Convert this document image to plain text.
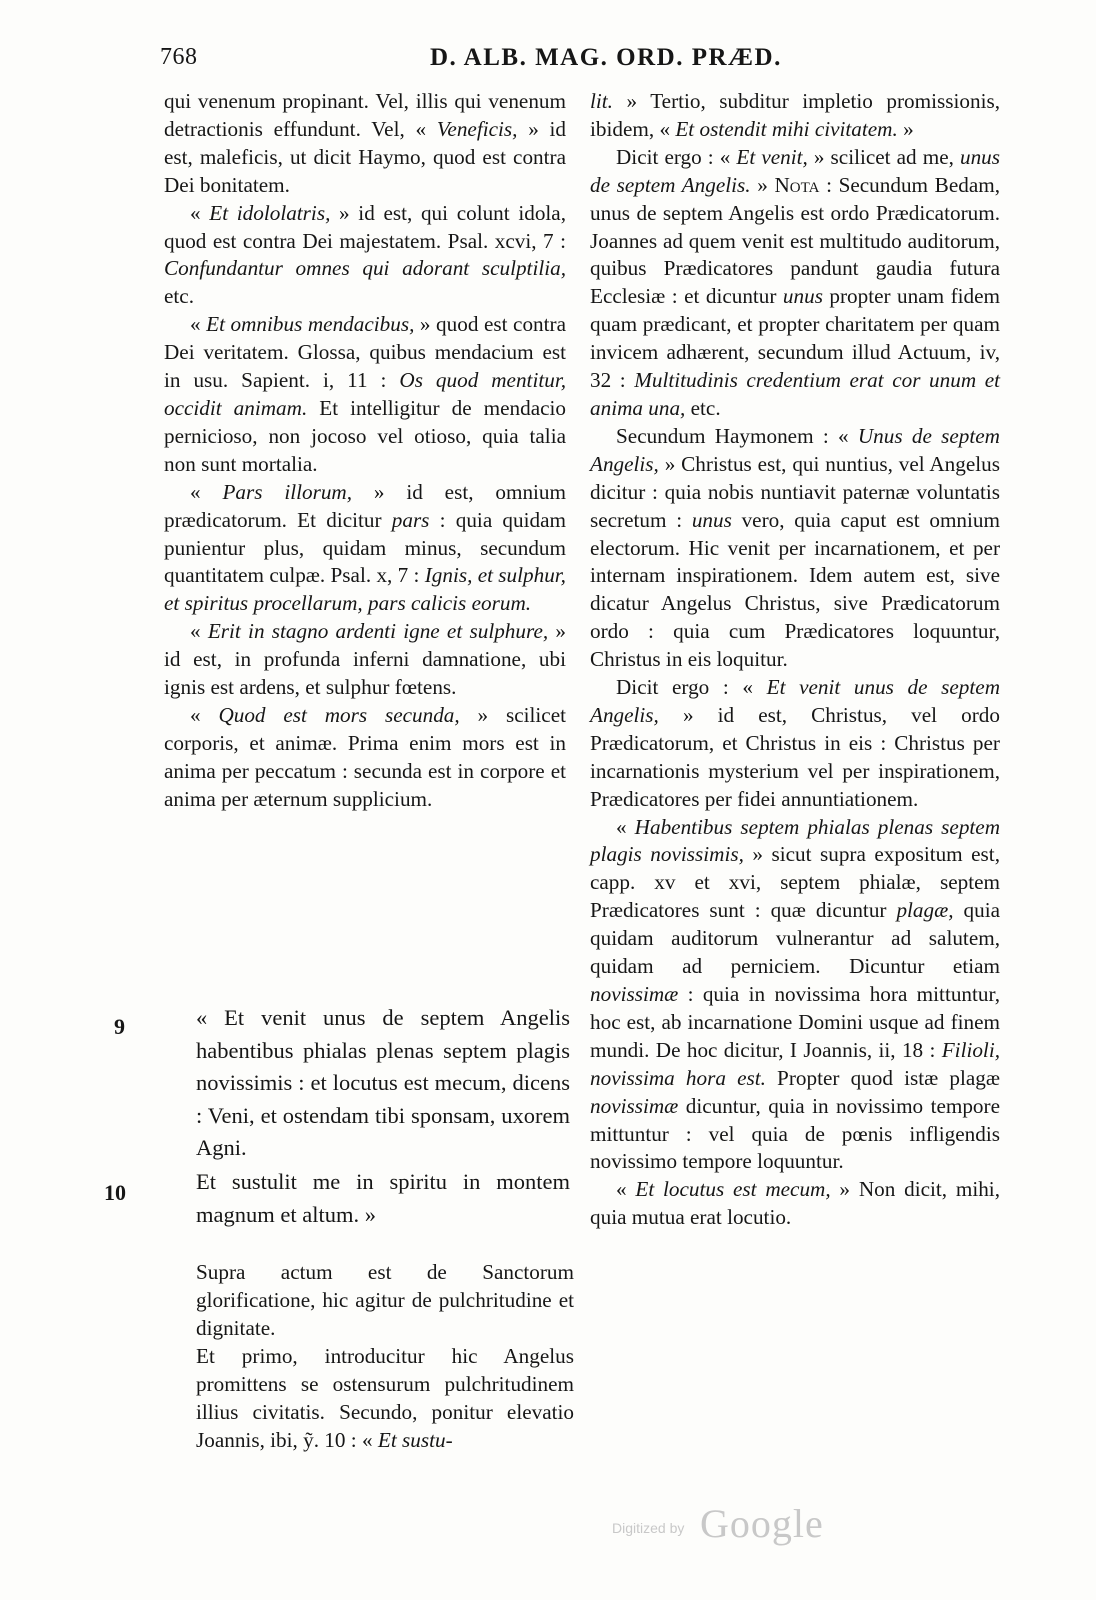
768	D. ALB. MAG. ORD. PRÆD.

qui venenum propinant. Vel, illis qui venenum detractionis effundunt. Vel, « Veneficis, » id est, maleficis, ut dicit Haymo, quod est contra Dei bonitatem.

« Et idololatris, » id est, qui colunt idola, quod est contra Dei majestatem. Psal. xcvi, 7 : Confundantur omnes qui adorant sculptilia, etc.

« Et omnibus mendacibus, » quod est contra Dei veritatem. Glossa, quibus mendacium est in usu. Sapient. i, 11 : Os quod mentitur, occidit animam. Et intelligitur de mendacio pernicioso, non jocoso vel otioso, quia talia non sunt mortalia.

« Pars illorum, » id est, omnium prædicatorum. Et dicitur pars : quia quidam punientur plus, quidam minus, secundum quantitatem culpæ. Psal. x, 7 : Ignis, et sulphur, et spiritus procellarum, pars calicis eorum.

« Erit in stagno ardenti igne et sulphure, » id est, in profunda inferni damnatione, ubi ignis est ardens, et sulphur fœtens.

« Quod est mors secunda, » scilicet corporis, et animæ. Prima enim mors est in anima per peccatum : secunda est in corpore et anima per æternum supplicium.

9	« Et venit unus de septem Angelis habentibus phialas plenas septem plagis novissimis : et locutus est mecum, dicens : Veni, et ostendam tibi sponsam, uxorem Agni.

10	Et sustulit me in spiritu in montem magnum et altum. »

Supra actum est de Sanctorum glorificatione, hic agitur de pulchritudine et dignitate.

Et primo, introducitur hic Angelus promittens se ostensurum pulchritudinem illius civitatis. Secundo, ponitur elevatio Joannis, ibi, ỹ. 10 : « Et sustu-

lit. » Tertio, subditur impletio promissionis, ibidem, « Et ostendit mihi civitatem. »

Dicit ergo : « Et venit, » scilicet ad me, unus de septem Angelis. » Nota : Secundum Bedam, unus de septem Angelis est ordo Prædicatorum. Joannes ad quem venit est multitudo auditorum, quibus Prædicatores pandunt gaudia futura Ecclesiæ : et dicuntur unus propter unam fidem quam prædicant, et propter charitatem per quam invicem adhærent, secundum illud Actuum, iv, 32 : Multitudinis credentium erat cor unum et anima una, etc.

Secundum Haymonem : « Unus de septem Angelis, » Christus est, qui nuntius, vel Angelus dicitur : quia nobis nuntiavit paternæ voluntatis secretum : unus vero, quia caput est omnium electorum. Hic venit per incarnationem, et per internam inspirationem. Idem autem est, sive dicatur Angelus Christus, sive Prædicatorum ordo : quia cum Prædicatores loquuntur, Christus in eis loquitur.

Dicit ergo : « Et venit unus de septem Angelis, » id est, Christus, vel ordo Prædicatorum, et Christus in eis : Christus per incarnationis mysterium vel per inspirationem, Prædicatores per fidei annuntiationem.

« Habentibus septem phialas plenas septem plagis novissimis, » sicut supra expositum est, capp. xv et xvi, septem phialæ, septem Prædicatores sunt : quæ dicuntur plagæ, quia quidam auditorum vulnerantur ad salutem, quidam ad perniciem. Dicuntur etiam novissimæ : quia in novissima hora mittuntur, hoc est, ab incarnatione Domini usque ad finem mundi. De hoc dicitur, I Joannis, ii, 18 : Filioli, novissima hora est. Propter quod istæ plagæ novissimæ dicuntur, quia in novissimo tempore mittuntur : vel quia de pœnis infligendis novissimo tempore loquuntur.

« Et locutus est mecum, » Non dicit, mihi, quia mutua erat locutio.

Digitized by Google
